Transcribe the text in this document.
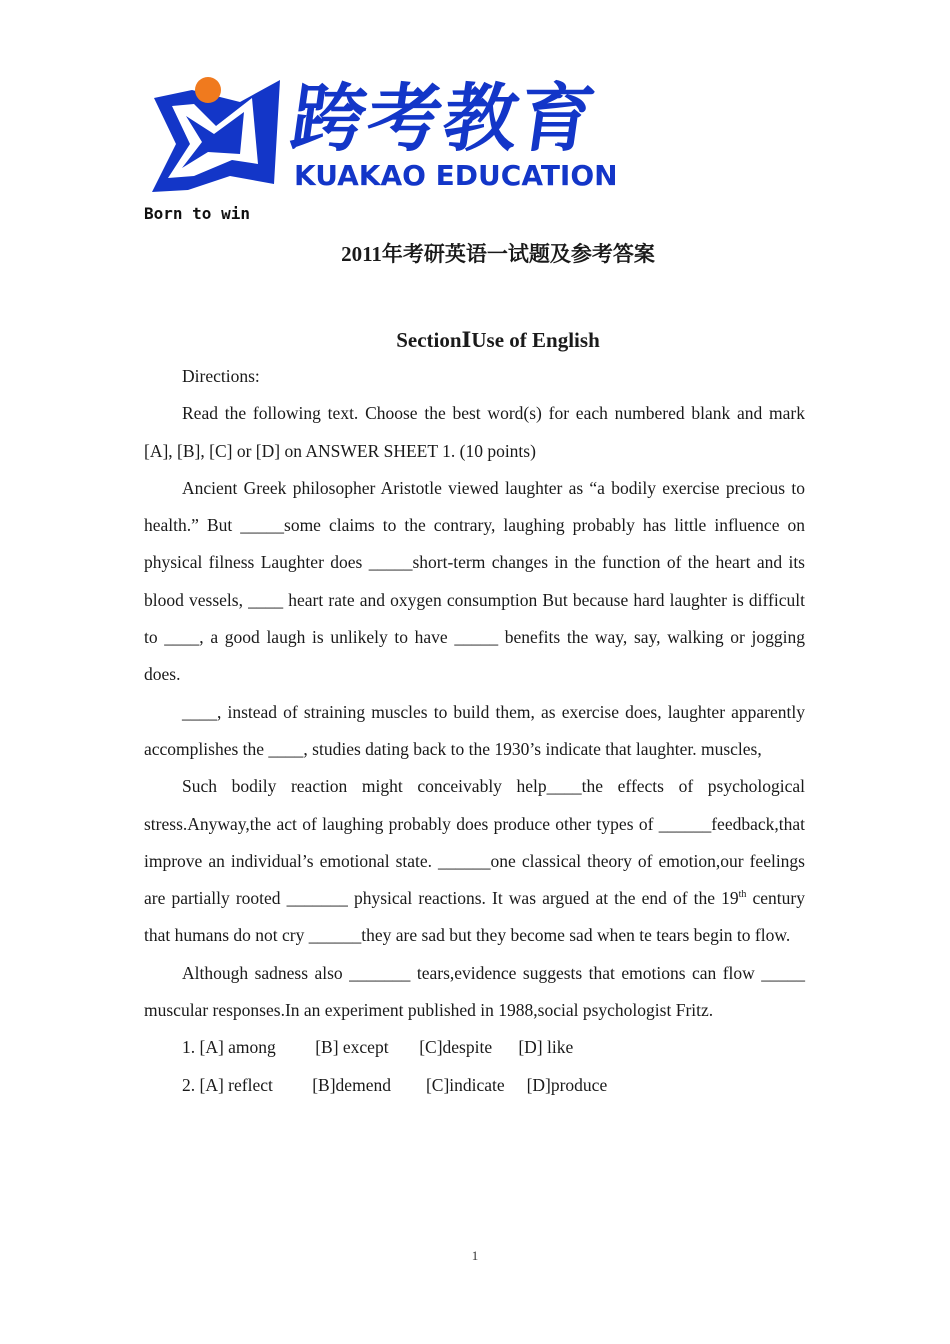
跨考教育
KUAKAO EDUCATION
Born to win
2011年考研英语一试题及参考答案
SectionⅠUse of English

Directions:

Read the following text. Choose the best word(s) for each numbered blank and mark [A], [B], [C] or [D] on ANSWER SHEET 1. (10 points)

Ancient Greek philosopher Aristotle viewed laughter as “a bodily exercise precious to health.” But _____some claims to the contrary, laughing probably has little influence on physical filness Laughter does _____short-term changes in the function of the heart and its blood vessels, ____ heart rate and oxygen consumption But because hard laughter is difficult to ____, a good laugh is unlikely to have _____ benefits the way, say, walking or jogging does.

____, instead of straining muscles to build them, as exercise does, laughter apparently accomplishes the ____, studies dating back to the 1930’s indicate that laughter. muscles,

Such bodily reaction might conceivably help____the effects of psychological stress.Anyway,the act of laughing probably does produce other types of ______feedback,that improve an individual’s emotional state. ______one classical theory of emotion,our feelings are partially rooted _______ physical reactions. It was argued at the end of the 19th century that humans do not cry ______they are sad but they become sad when te tears begin to flow.

Although sadness also _______ tears,evidence suggests that emotions can flow _____ muscular responses.In an experiment published in 1988,social psychologist Fritz.

1. [A] among [B] except [C]despite [D] like
2. [A] reflect [B]demend [C]indicate [D]produce
1
